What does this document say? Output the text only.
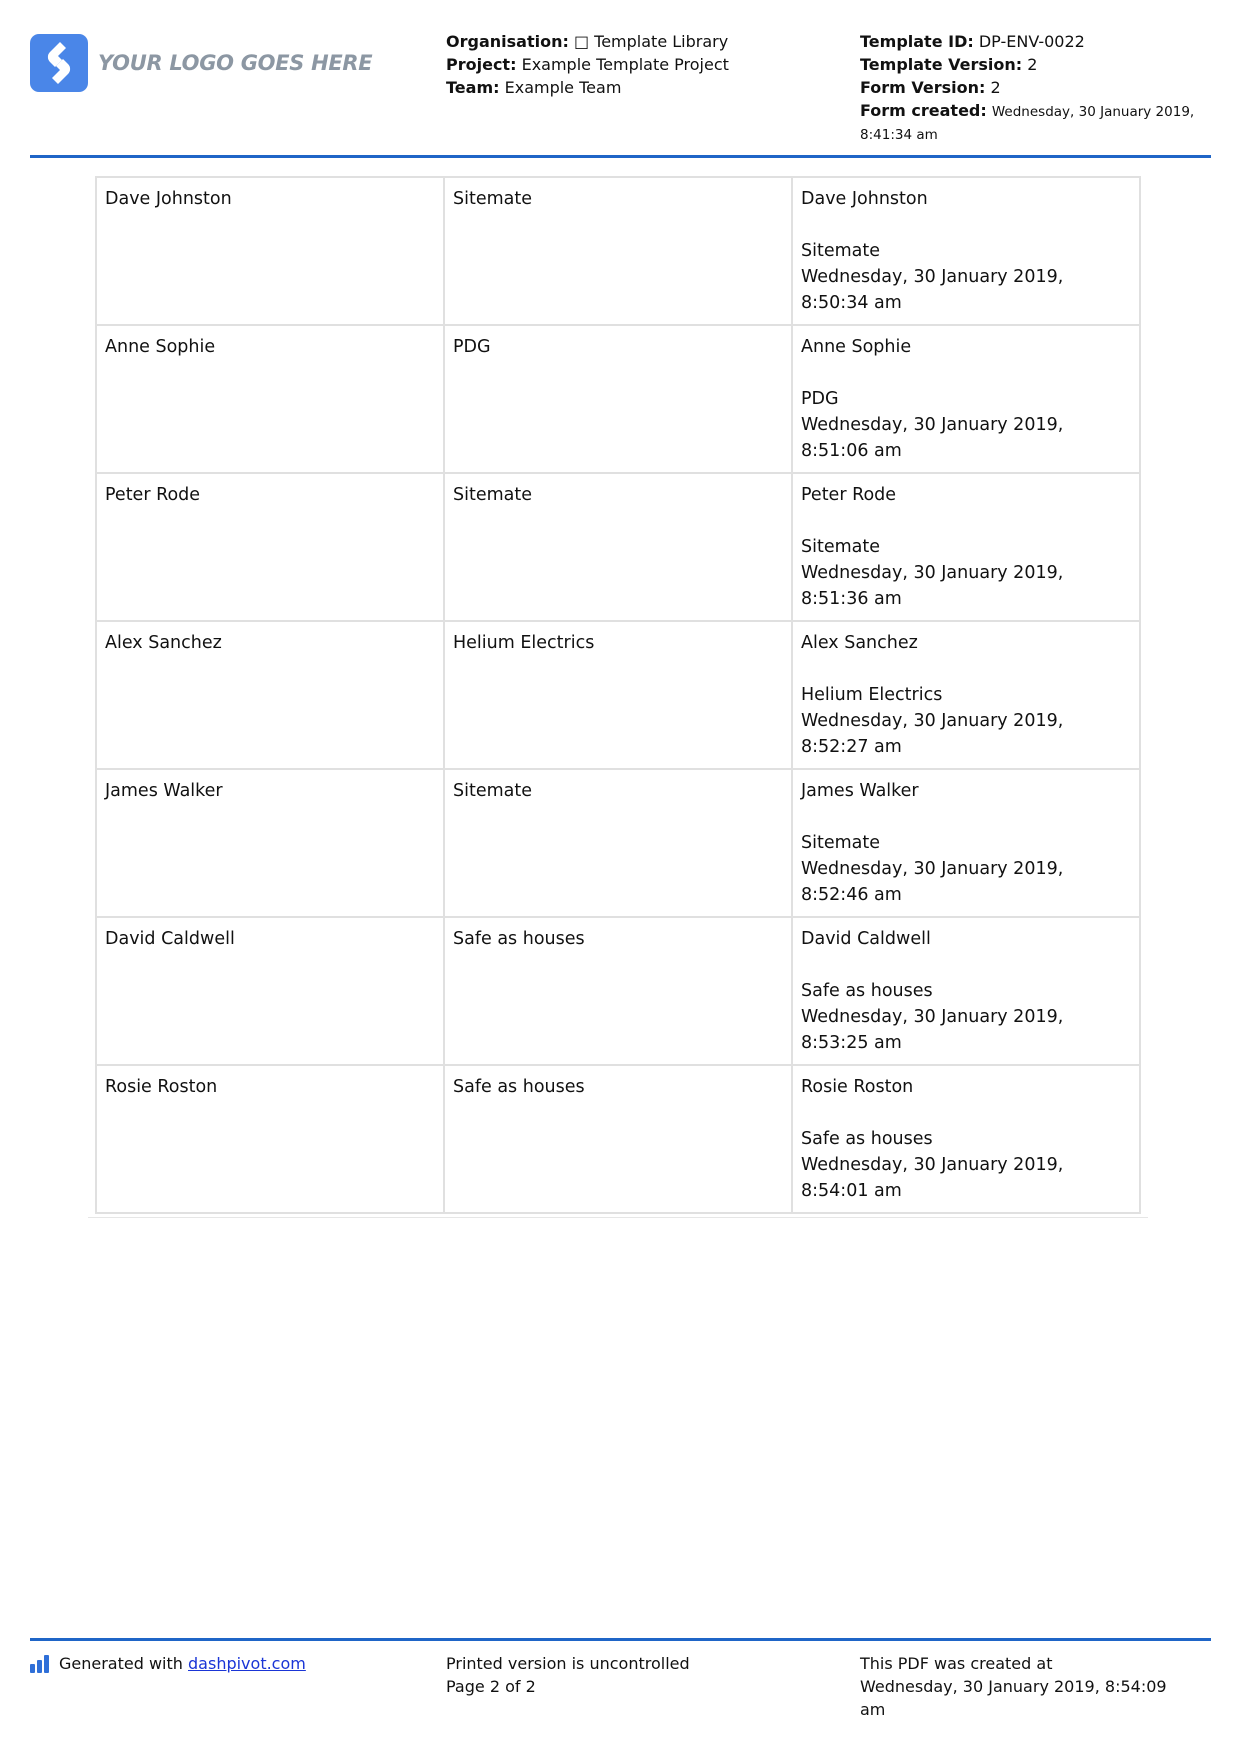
YOUR LOGO GOES HERE
Organisation: □ Template Library
Project: Example Template Project
Team: Example Team
Template ID: DP-ENV-0022
Template Version: 2
Form Version: 2
Form created: Wednesday, 30 January 2019,
8:41:34 am
Dave Johnston	Sitemate	Dave Johnston
Sitemate
Wednesday, 30 January 2019,
8:50:34 am

Anne Sophie	PDG	Anne Sophie
PDG
Wednesday, 30 January 2019,
8:51:06 am

Peter Rode	Sitemate	Peter Rode
Sitemate
Wednesday, 30 January 2019,
8:51:36 am

Alex Sanchez	Helium Electrics	Alex Sanchez
Helium Electrics
Wednesday, 30 January 2019,
8:52:27 am

James Walker	Sitemate	James Walker
Sitemate
Wednesday, 30 January 2019,
8:52:46 am

David Caldwell	Safe as houses	David Caldwell
Safe as houses
Wednesday, 30 January 2019,
8:53:25 am

Rosie Roston	Safe as houses	Rosie Roston
Safe as houses
Wednesday, 30 January 2019,
8:54:01 am
Generated with
dashpivot.com	Printed version is uncontrolled
Page 2 of 2
This PDF was created at
Wednesday, 30 January 2019, 8:54:09
am
